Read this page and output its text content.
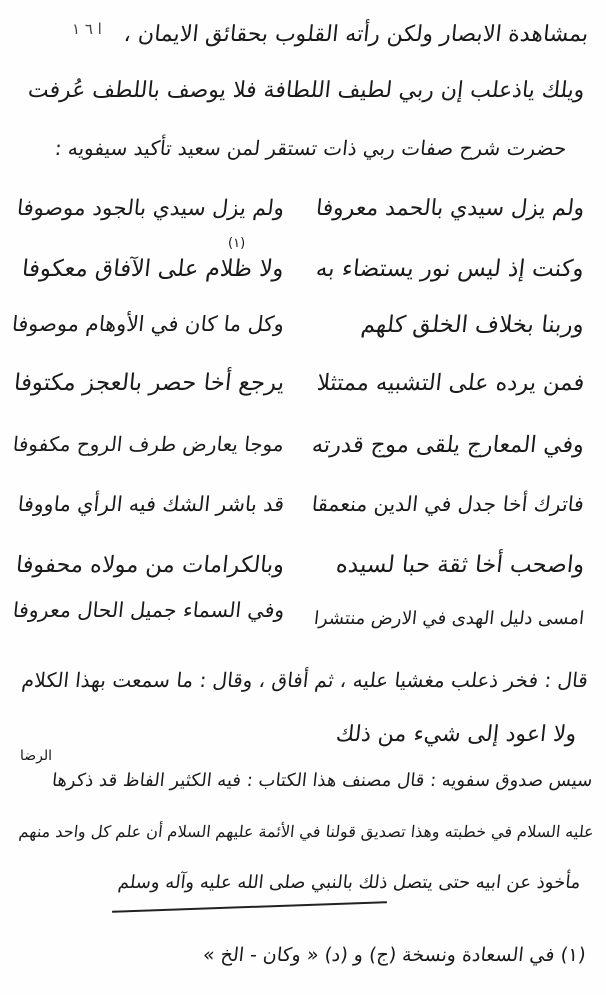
ا ٦ ١ بمشاهدة الابصار ولكن رأته القلوب بحقائق الايمان ،
ويلك ياذعلب إن ربي لطيف اللطافة فلا يوصف باللطف عُرفت
حضرت شرح صفات ربي ذات تستقر لمن سعيد تأكيد سيفويه :
ولم يزل سيدي بالحمد معروفا
ولم يزل سيدي بالجود موصوفا
(١)
وكنت إذ ليس نور يستضاء به
ولا ظلام على الآفاق معكوفا
وربنا بخلاف الخلق كلهم
وكل ما كان في الأوهام موصوفا
فمن يرده على التشبيه ممتثلا
يرجع أخا حصر بالعجز مكتوفا
وفي المعارج يلقى موج قدرته
موجا يعارض طرف الروح مكفوفا
فاترك أخا جدل في الدين منعمقا
قد باشر الشك فيه الرأي ماووفا
واصحب أخا ثقة حبا لسيده
وبالكرامات من مولاه محفوفا
امسى دليل الهدى في الارض منتشرا
وفي السماء جميل الحال معروفا
قال : فخر ذعلب مغشيا عليه ، ثم أفاق ، وقال : ما سمعت بهذا الكلام
ولا اعود إلى شيء من ذلك
الرضا
سيس صدوق سفويه : قال مصنف هذا الكتاب : فيه الكثير الفاظ قد ذكرها
عليه السلام في خطبته وهذا تصديق قولنا في الأئمة عليهم السلام أن علم كل واحد منهم
مأخوذ عن ابيه حتى يتصل ذلك بالنبي صلى الله عليه وآله وسلم
(١) في السعادة ونسخة (ج) و (د) « وكان - الخ »
